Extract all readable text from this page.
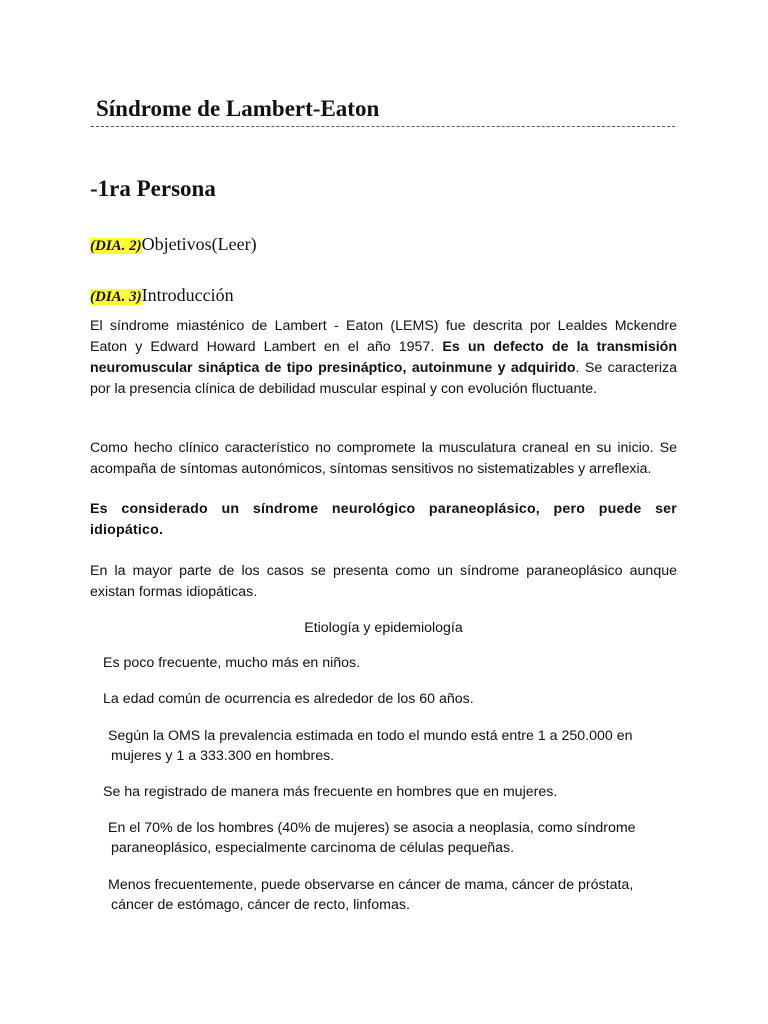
Síndrome de Lambert-Eaton
-1ra Persona
(DIA. 2)Objetivos(Leer)
(DIA. 3)Introducción

El síndrome miasténico de Lambert - Eaton (LEMS) fue descrita por Lealdes Mckendre Eaton y Edward Howard Lambert en el año 1957. Es un defecto de la transmisión neuromuscular sináptica de tipo presináptico, autoinmune y adquirido. Se caracteriza por la presencia clínica de debilidad muscular espinal y con evolución fluctuante.

Como hecho clínico característico no compromete la musculatura craneal en su inicio. Se acompaña de síntomas autonómicos, síntomas sensitivos no sistematizables y arreflexia.

Es considerado un síndrome neurológico paraneoplásico, pero puede ser idiopático.

En la mayor parte de los casos se presenta como un síndrome paraneoplásico aunque existan formas idiopáticas.

Etiología y epidemiología

Es poco frecuente, mucho más en niños.

La edad común de ocurrencia es alrededor de los 60 años.

Según la OMS la prevalencia estimada en todo el mundo está entre 1 a 250.000 en
mujeres y 1 a 333.300 en hombres.

Se ha registrado de manera más frecuente en hombres que en mujeres.

En el 70% de los hombres (40% de mujeres) se asocia a neoplasia, como síndrome
paraneoplásico, especialmente carcinoma de células pequeñas.

Menos frecuentemente, puede observarse en cáncer de mama, cáncer de próstata,
cáncer de estómago, cáncer de recto, linfomas.
